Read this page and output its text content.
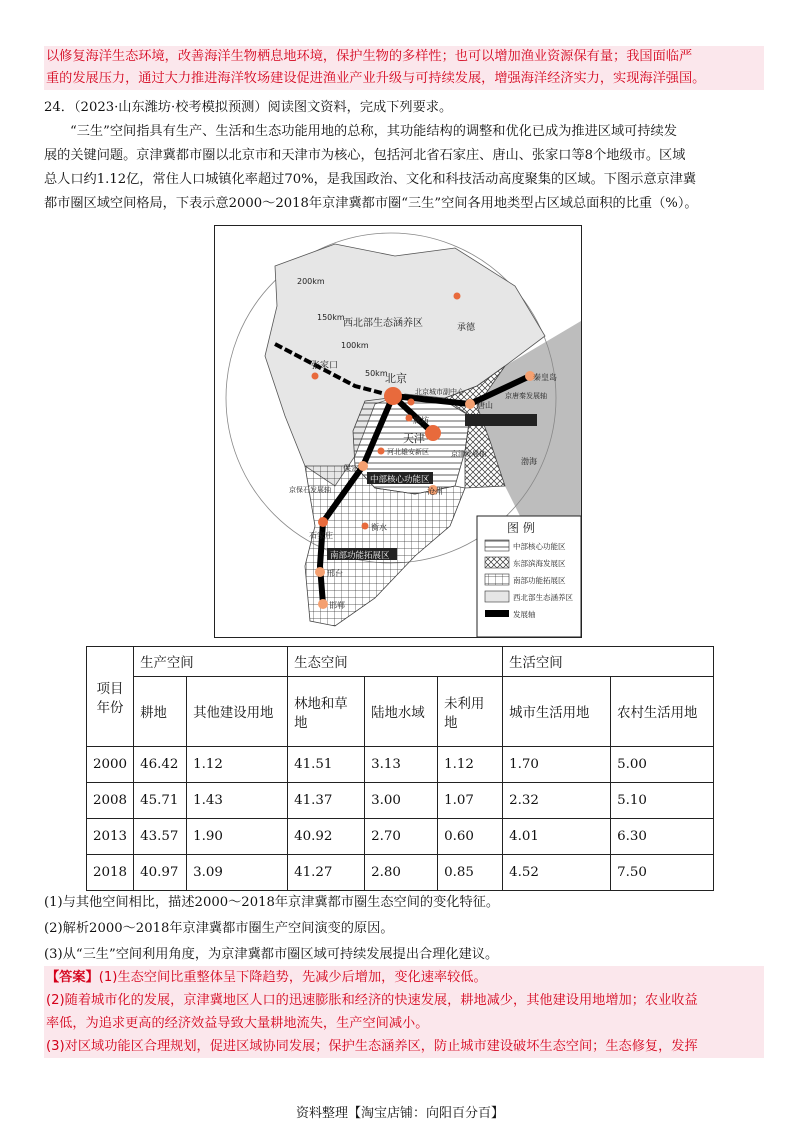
以修复海洋生态环境，改善海洋生物栖息地环境，保护生物的多样性；也可以增加渔业资源保有量；我国面临严

重的发展压力，通过大力推进海洋牧场建设促进渔业产业升级与可持续发展，增强海洋经济实力，实现海洋强国。

24．（2023·山东潍坊·校考模拟预测）阅读图文资料，完成下列要求。

“三生”空间指具有生产、生活和生态功能用地的总称，其功能结构的调整和优化已成为推进区域可持续发

展的关键问题。京津冀都市圈以北京市和天津市为核心，包括河北省石家庄、唐山、张家口等8个地级市。区域

总人口约1.12亿，常住人口城镇化率超过70%，是我国政治、文化和科技活动高度聚集的区域。下图示意京津冀

都市圈区域空间格局，下表示意2000～2018年京津冀都市圈“三生”空间各用地类型占区域总面积的比重（%）。

200km
150km
100km
50km
西北部生态涵养区	承德
张家口
北京
北京城市副中心
秦皇岛
唐山
京唐秦发展轴
廊坊
天津
河北雄安新区	京津发展轴
渤海
保定
中部核心功能区
京保石发展轴	沧州
石家庄
衡水
南部功能拓展区
邢台
邯郸
图 例
中部核心功能区
东部滨海发展区
南部功能拓展区
西北部生态涵养区
发展轴
项目
年份	生产空间		生态空间			生活空间	
	耕地	其他建设用地	林地和草地	陆地水域	未利用地	城市生活用地	农村生活用地
2000	46.42	1.12	41.51	3.13	1.12	1.70	5.00
2008	45.71	1.43	41.37	3.00	1.07	2.32	5.10
2013	43.57	1.90	40.92	2.70	0.60	4.01	6.30
2018	40.97	3.09	41.27	2.80	0.85	4.52	7.50

(1)与其他空间相比，描述2000～2018年京津冀都市圈生态空间的变化特征。

(2)解析2000～2018年京津冀都市圈生产空间演变的原因。

(3)从“三生”空间利用角度，为京津冀都市圈区域可持续发展提出合理化建议。

【答案】(1)生态空间比重整体呈下降趋势，先减少后增加，变化速率较低。

(2)随着城市化的发展，京津冀地区人口的迅速膨胀和经济的快速发展，耕地减少，其他建设用地增加；农业收益

率低，为追求更高的经济效益导致大量耕地流失，生产空间减小。

(3)对区域功能区合理规划，促进区域协同发展；保护生态涵养区，防止城市建设破坏生态空间；生态修复，发挥

资料整理【淘宝店铺：向阳百分百】
